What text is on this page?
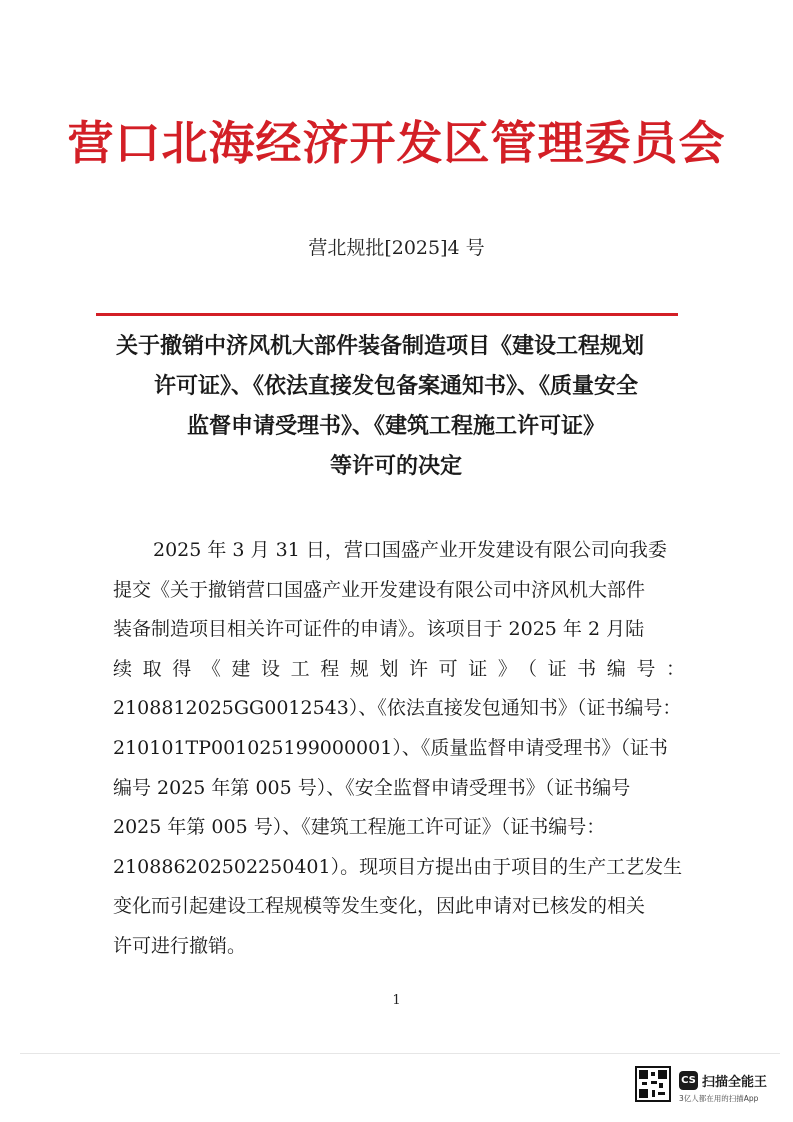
营口北海经济开发区管理委员会
营北规批[2025]4 号
关于撤销中济风机大部件装备制造项目《建设工程规划
许可证》、《依法直接发包备案通知书》、《质量安全
监督申请受理书》、《建筑工程施工许可证》
等许可的决定
2025 年 3 月 31 日，营口国盛产业开发建设有限公司向我委
提交《关于撤销营口国盛产业开发建设有限公司中济风机大部件
装备制造项目相关许可证件的申请》。该项目于 2025 年 2 月陆
续取得《建设工程规划许可证》（证书编号：
2108812025GG0012543）、《依法直接发包通知书》（证书编号：
210101TP001025199000001）、《质量监督申请受理书》（证书
编号 2025 年第 005 号）、《安全监督申请受理书》（证书编号
2025 年第 005 号）、《建筑工程施工许可证》（证书编号：
210886202502250401）。现项目方提出由于项目的生产工艺发生
变化而引起建设工程规模等发生变化，因此申请对已核发的相关
许可进行撤销。
1
CS 扫描全能王
3亿人都在用的扫描App
